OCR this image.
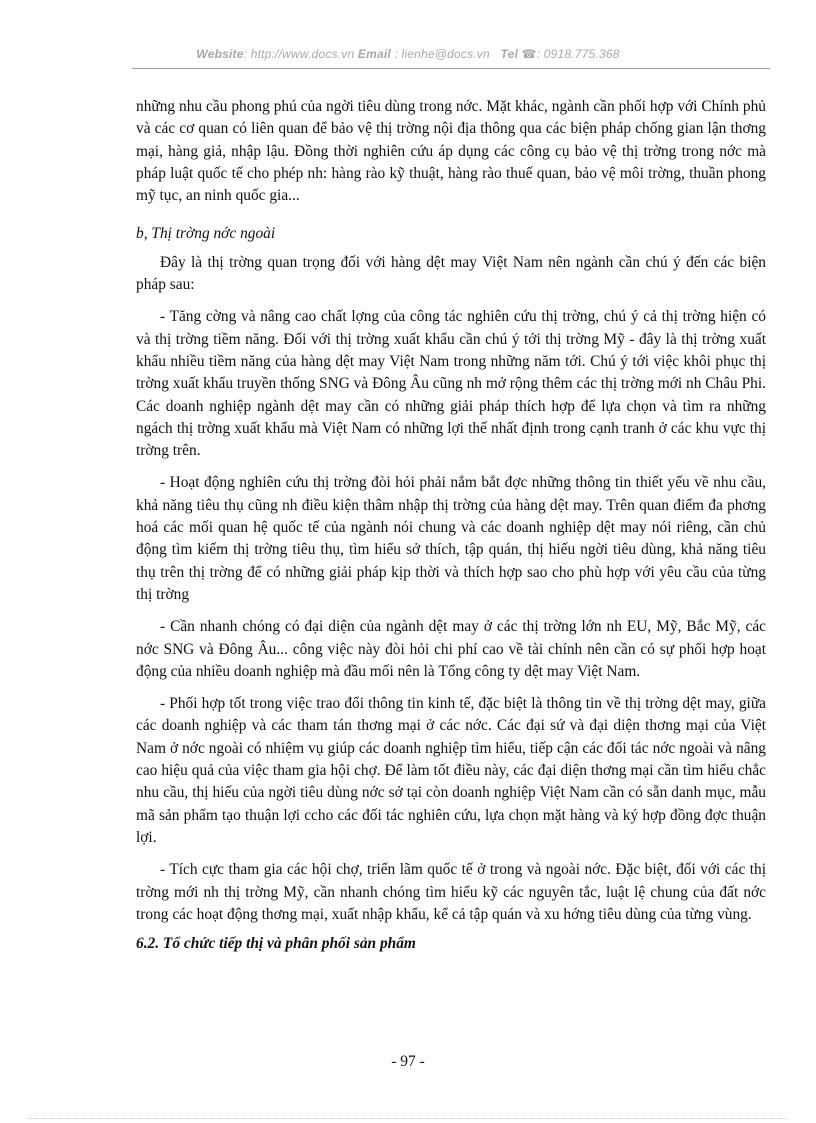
Website: http://www.docs.vn Email : lienhe@docs.vn Tel ☎: 0918.775.368

những nhu cầu phong phú của ngời tiêu dùng trong nớc. Mặt khác, ngành cần phối hợp với Chính phủ và các cơ quan có liên quan để bảo vệ thị trờng nội địa thông qua các biện pháp chống gian lận thơng mại, hàng giả, nhập lậu. Đồng thời nghiên cứu áp dụng các công cụ bảo vệ thị trờng trong nớc mà pháp luật quốc tế cho phép nh: hàng rào kỹ thuật, hàng rào thuế quan, bảo vệ môi trờng, thuần phong mỹ tục, an ninh quốc gia...

b, Thị trờng nớc ngoài

Đây là thị trờng quan trọng đối với hàng dệt may Việt Nam nên ngành cần chú ý đến các biện pháp sau:

- Tăng cờng và nâng cao chất lợng của công tác nghiên cứu thị trờng, chú ý cả thị trờng hiện có và thị trờng tiềm năng. Đối với thị trờng xuất khẩu cần chú ý tới thị trờng Mỹ - đây là thị trờng xuất khẩu nhiều tiềm năng của hàng dệt may Việt Nam trong những năm tới. Chú ý tới việc khôi phục thị trờng xuất khẩu truyền thống SNG và Đông Âu cũng nh mở rộng thêm các thị trờng mới nh Châu Phi. Các doanh nghiệp ngành dệt may cần có những giải pháp thích hợp để lựa chọn và tìm ra những ngách thị trờng xuất khẩu mà Việt Nam có những lợi thế nhất định trong cạnh tranh ở các khu vực thị trờng trên.

- Hoạt động nghiên cứu thị trờng đòi hỏi phải nắm bắt đợc những thông tin thiết yếu về nhu cầu, khả năng tiêu thụ cũng nh điều kiện thâm nhập thị trờng của hàng dệt may. Trên quan điểm đa phơng hoá các mối quan hệ quốc tế của ngành nói chung và các doanh nghiệp dệt may nói riêng, cần chủ động tìm kiếm thị trờng tiêu thụ, tìm hiểu sở thích, tập quán, thị hiếu ngời tiêu dùng, khả năng tiêu thụ trên thị trờng để có những giải pháp kịp thời và thích hợp sao cho phù hợp với yêu cầu của từng thị trờng

- Cần nhanh chóng có đại diện của ngành dệt may ở các thị trờng lớn nh EU, Mỹ, Bắc Mỹ, các nớc SNG và Đông Âu... công việc này đòi hỏi chi phí cao về tài chính nên cần có sự phối hợp hoạt động của nhiều doanh nghiệp mà đầu mối nên là Tổng công ty dệt may Việt Nam.

- Phối hợp tốt trong việc trao đổi thông tin kinh tế, đặc biệt là thông tin về thị trờng dệt may, giữa các doanh nghiệp và các tham tán thơng mại ở các nớc. Các đại sứ và đại diện thơng mại của Việt Nam ở nớc ngoài có nhiệm vụ giúp các doanh nghiệp tìm hiểu, tiếp cận các đối tác nớc ngoài và nâng cao hiệu quả của việc tham gia hội chợ. Để làm tốt điều này, các đại diện thơng mại cần tìm hiểu chắc nhu cầu, thị hiếu của ngời tiêu dùng nớc sở tại còn doanh nghiệp Việt Nam cần có sẵn danh mục, mẫu mã sản phẩm tạo thuận lợi ccho các đối tác nghiên cứu, lựa chọn mặt hàng và ký hợp đồng đợc thuận lợi.

- Tích cực tham gia các hội chợ, triển lãm quốc tế ở trong và ngoài nớc. Đặc biệt, đối với các thị trờng mới nh thị trờng Mỹ, cần nhanh chóng tìm hiểu kỹ các nguyên tắc, luật lệ chung của đất nớc trong các hoạt động thơng mại, xuất nhập khẩu, kể cả tập quán và xu hớng tiêu dùng của từng vùng.

6.2. Tổ chức tiếp thị và phân phối sản phẩm

- 97 -
